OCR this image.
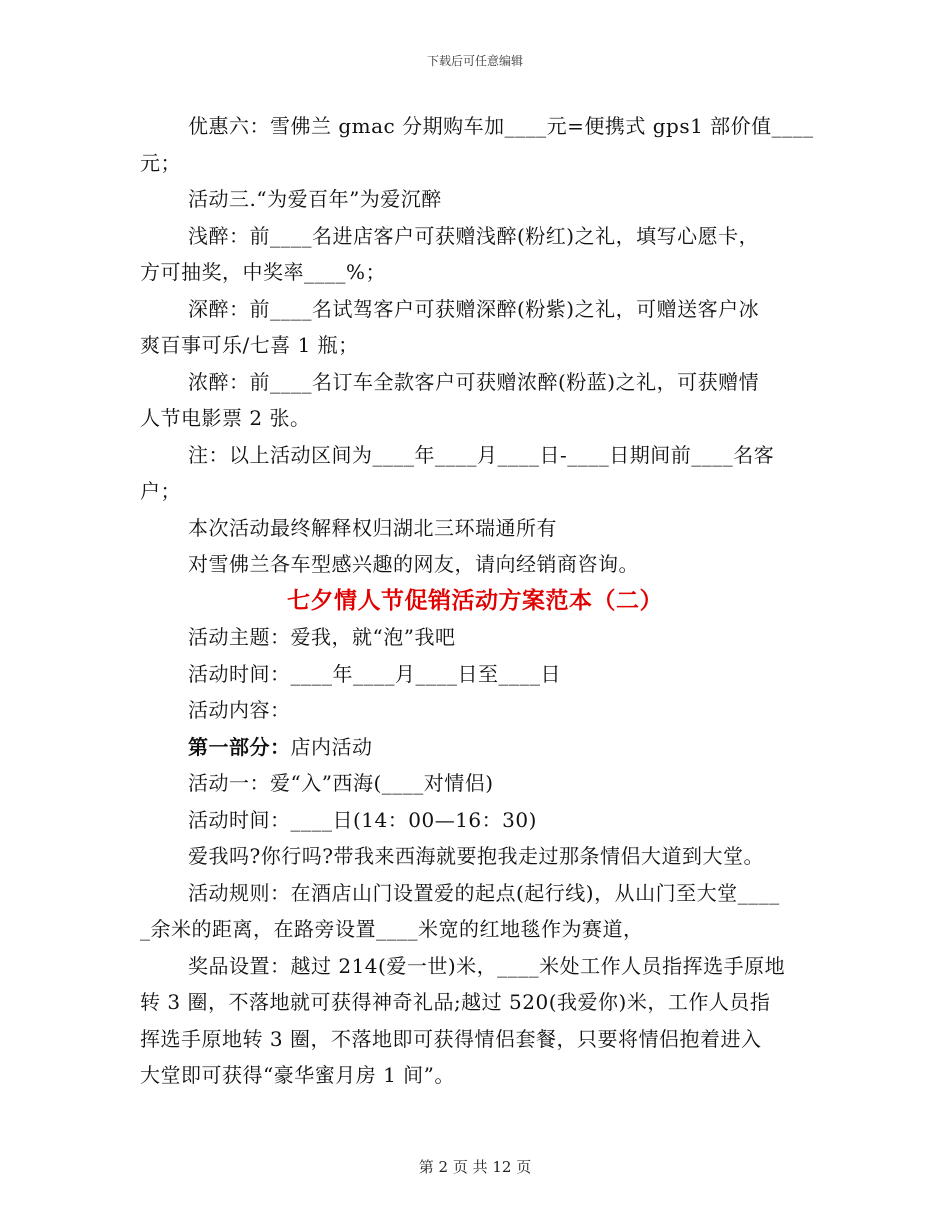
下载后可任意编辑
优惠六：雪佛兰 gmac 分期购车加____元=便携式 gps1 部价值____
元；
活动三.“为爱百年”为爱沉醉
浅醉：前____名进店客户可获赠浅醉(粉红)之礼，填写心愿卡，
方可抽奖，中奖率____%；
深醉：前____名试驾客户可获赠深醉(粉紫)之礼，可赠送客户冰
爽百事可乐/七喜 1 瓶；
浓醉：前____名订车全款客户可获赠浓醉(粉蓝)之礼，可获赠情
人节电影票 2 张。
注：以上活动区间为____年____月____日-____日期间前____名客
户；
本次活动最终解释权归湖北三环瑞通所有
对雪佛兰各车型感兴趣的网友，请向经销商咨询。
七夕情人节促销活动方案范本（二）
活动主题：爱我，就“泡”我吧
活动时间：____年____月____日至____日
活动内容：
第一部分：店内活动
活动一：爱“入”西海(____对情侣)
活动时间：____日(14：00—16：30)
爱我吗?你行吗?带我来西海就要抱我走过那条情侣大道到大堂。
活动规则：在酒店山门设置爱的起点(起行线)，从山门至大堂____
_余米的距离，在路旁设置____米宽的红地毯作为赛道，
奖品设置：越过 214(爱一世)米，____米处工作人员指挥选手原地
转 3 圈，不落地就可获得神奇礼品;越过 520(我爱你)米，工作人员指
挥选手原地转 3 圈，不落地即可获得情侣套餐，只要将情侣抱着进入
大堂即可获得“豪华蜜月房 1 间”。
第 2 页 共 12 页
